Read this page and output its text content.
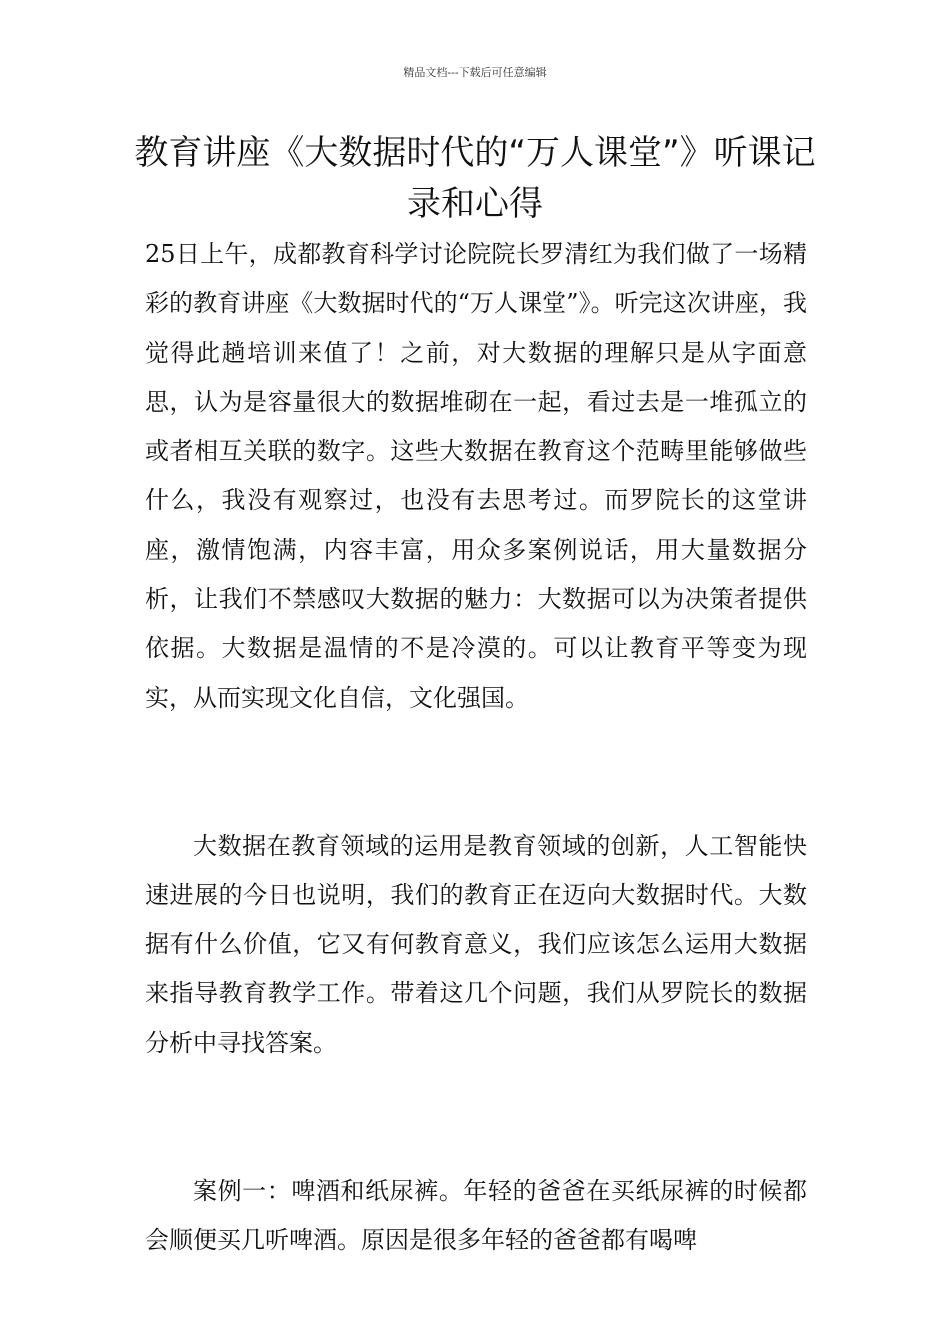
精品文档---下载后可任意编辑
教育讲座《大数据时代的“万人课堂”》听课记录和心得

25日上午，成都教育科学讨论院院长罗清红为我们做了一场精彩的教育讲座《大数据时代的“万人课堂”》。听完这次讲座，我觉得此趟培训来值了！之前，对大数据的理解只是从字面意思，认为是容量很大的数据堆砌在一起，看过去是一堆孤立的或者相互关联的数字。这些大数据在教育这个范畴里能够做些什么，我没有观察过，也没有去思考过。而罗院长的这堂讲座，激情饱满，内容丰富，用众多案例说话，用大量数据分析，让我们不禁感叹大数据的魅力：大数据可以为决策者提供依据。大数据是温情的不是冷漠的。可以让教育平等变为现实，从而实现文化自信，文化强国。

大数据在教育领域的运用是教育领域的创新，人工智能快速进展的今日也说明，我们的教育正在迈向大数据时代。大数据有什么价值，它又有何教育意义，我们应该怎么运用大数据来指导教育教学工作。带着这几个问题，我们从罗院长的数据分析中寻找答案。

案例一：啤酒和纸尿裤。年轻的爸爸在买纸尿裤的时候都会顺便买几听啤酒。原因是很多年轻的爸爸都有喝啤
